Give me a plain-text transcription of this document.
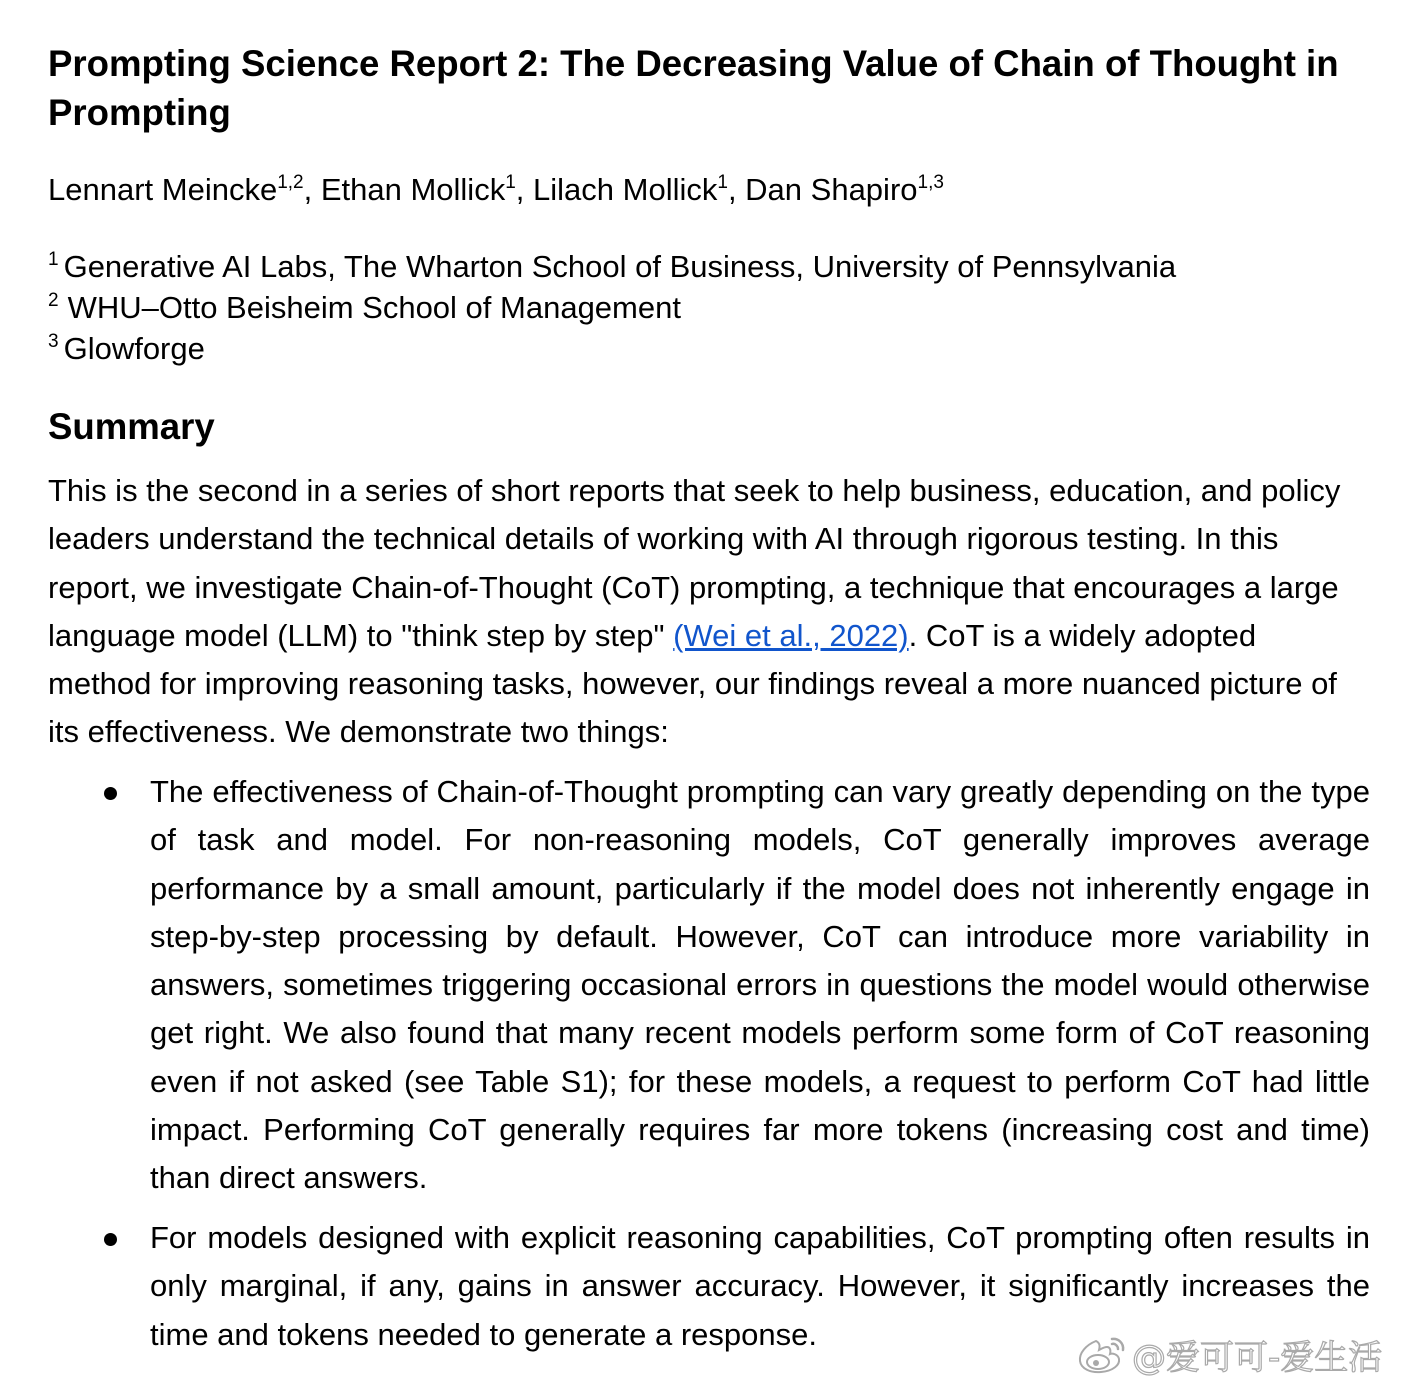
Prompting Science Report 2: The Decreasing Value of Chain of Thought in Prompting
Lennart Meincke$^{1,2}$, Ethan Mollick$^1$, Lilach Mollick$^1$, Dan Shapiro$^{1,3}$
$^1$ Generative AI Labs, The Wharton School of Business, University of Pennsylvania
$^2$ WHU–Otto Beisheim School of Management
$^3$ Glowforge
Summary
This is the second in a series of short reports that seek to help business, education, and policy
leaders understand the technical details of working with AI through rigorous testing. In this
report, we investigate Chain-of-Thought (CoT) prompting, a technique that encourages a large
language model (LLM) to "think step by step" (Wei et al., 2022). CoT is a widely adopted
method for improving reasoning tasks, however, our findings reveal a more nuanced picture of
its effectiveness. We demonstrate two things:
The effectiveness of Chain-of-Thought prompting can vary greatly depending on the type
of task and model. For non-reasoning models, CoT generally improves average
performance by a small amount, particularly if the model does not inherently engage in
step-by-step processing by default. However, CoT can introduce more variability in
answers, sometimes triggering occasional errors in questions the model would otherwise
get right. We also found that many recent models perform some form of CoT reasoning
even if not asked (see Table S1); for these models, a request to perform CoT had little
impact. Performing CoT generally requires far more tokens (increasing cost and time)
than direct answers.
For models designed with explicit reasoning capabilities, CoT prompting often results in
only marginal, if any, gains in answer accuracy. However, it significantly increases the
time and tokens needed to generate a response.
@爱可可-爱生活
